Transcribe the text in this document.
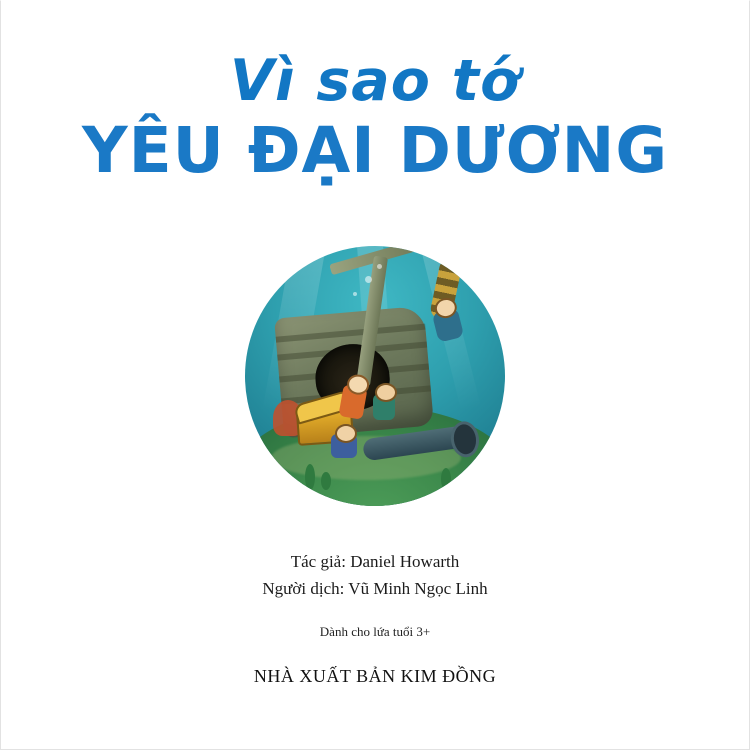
Vì sao tớ
YÊU ĐẠI DƯƠNG
Tác giả: Daniel Howarth
Người dịch: Vũ Minh Ngọc Linh
Dành cho lứa tuổi 3+
NHÀ XUẤT BẢN KIM ĐỒNG
